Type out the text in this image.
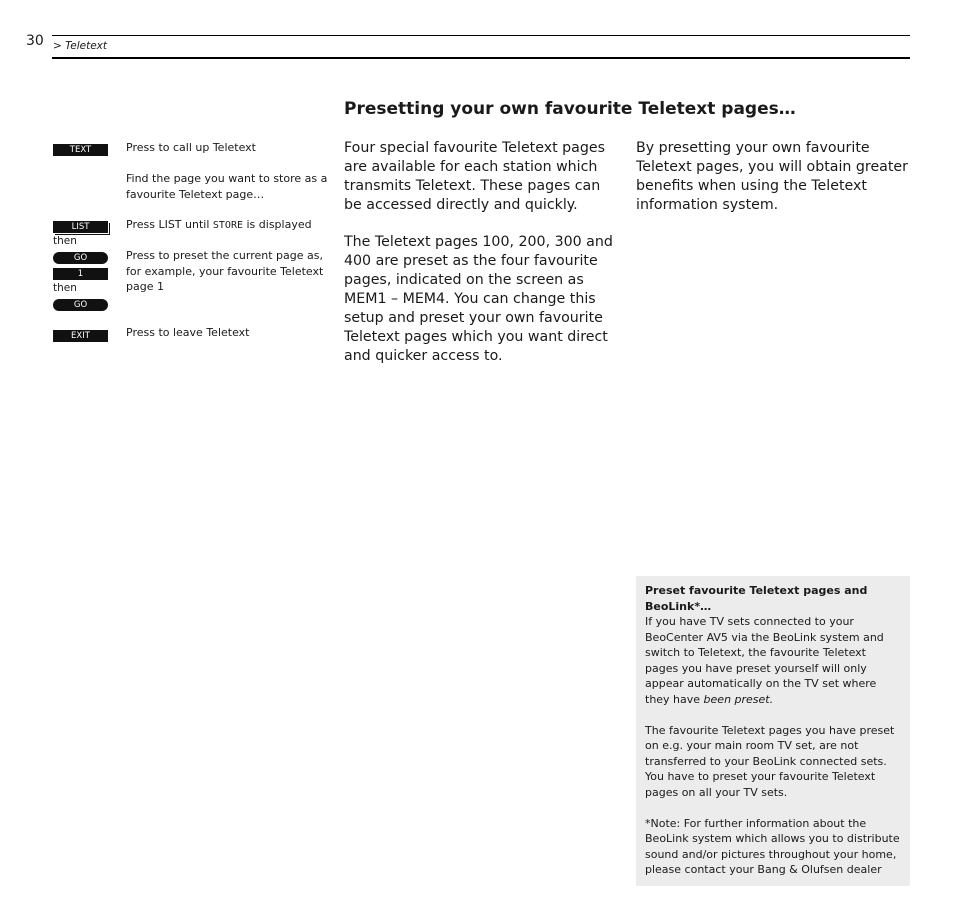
30 > Teletext
Presetting your own favourite Teletext pages…
TEXT
LIST
then
GO
1
then
GO
EXIT
Press to call up Teletext
Find the page you want to store as a favourite Teletext page…
Press LIST until STORE is displayed
Press to preset the current page as, for example, your favourite Teletext page 1
Press to leave Teletext

Four special favourite Teletext pages are available for each station which transmits Teletext. These pages can be accessed directly and quickly.

The Teletext pages 100, 200, 300 and 400 are preset as the four favourite pages, indicated on the screen as MEM1 – MEM4. You can change this setup and preset your own favourite Teletext pages which you want direct and quicker access to.

By presetting your own favourite Teletext pages, you will obtain greater benefits when using the Teletext information system.

Preset favourite Teletext pages and BeoLink*…
If you have TV sets connected to your BeoCenter AV5 via the BeoLink system and switch to Teletext, the favourite Teletext pages you have preset yourself will only appear automatically on the TV set where they have been preset.

The favourite Teletext pages you have preset on e.g. your main room TV set, are not transferred to your BeoLink connected sets. You have to preset your favourite Teletext pages on all your TV sets.

*Note: For further information about the BeoLink system which allows you to distribute sound and/or pictures throughout your home, please contact your Bang & Olufsen dealer
